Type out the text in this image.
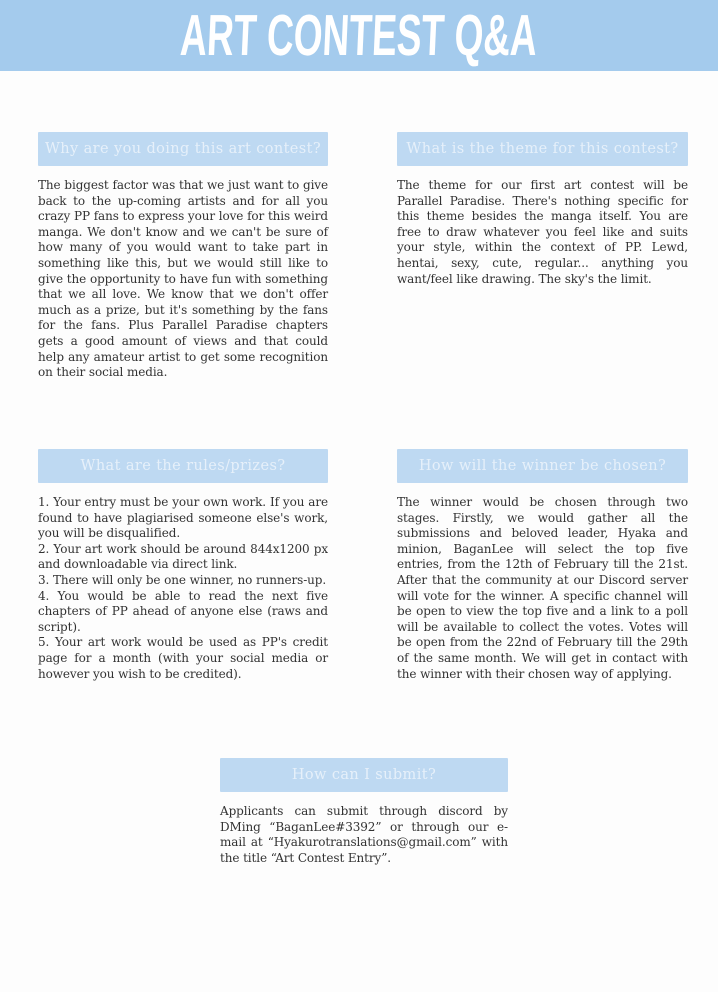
ART CONTEST Q&A
Why are you doing this art contest?

The biggest factor was that we just want to give back to the up-coming artists and for all you crazy PP fans to express your love for this weird manga. We don't know and we can't be sure of how many of you would want to take part in something like this, but we would still like to give the opportunity to have fun with something that we all love. We know that we don't offer much as a prize, but it's something by the fans for the fans. Plus Parallel Paradise chapters gets a good amount of views and that could help any amateur artist to get some recognition on their social media.

What is the theme for this contest?

The theme for our first art contest will be Parallel Paradise. There's nothing specific for this theme besides the manga itself. You are free to draw whatever you feel like and suits your style, within the context of PP. Lewd, hentai, sexy, cute, regular... anything you want/feel like drawing. The sky's the limit.

What are the rules/prizes?

1. Your entry must be your own work. If you are found to have plagiarised someone else's work, you will be disqualified.

2. Your art work should be around 844x1200 px and downloadable via direct link.

3. There will only be one winner, no runners-up.

4. You would be able to read the next five chapters of PP ahead of anyone else (raws and script).

5. Your art work would be used as PP's credit page for a month (with your social media or however you wish to be credited).

How will the winner be chosen?

The winner would be chosen through two stages. Firstly, we would gather all the submissions and beloved leader, Hyaka and minion, BaganLee will select the top five entries, from the 12th of February till the 21st. After that the community at our Discord server will vote for the winner. A specific channel will be open to view the top five and a link to a poll will be available to collect the votes. Votes will be open from the 22nd of February till the 29th of the same month. We will get in contact with the winner with their chosen way of applying.

How can I submit?

Applicants can submit through discord by DMing “BaganLee#3392” or through our e-mail at “Hyakurotranslations@gmail.com” with the title “Art Contest Entry”.
